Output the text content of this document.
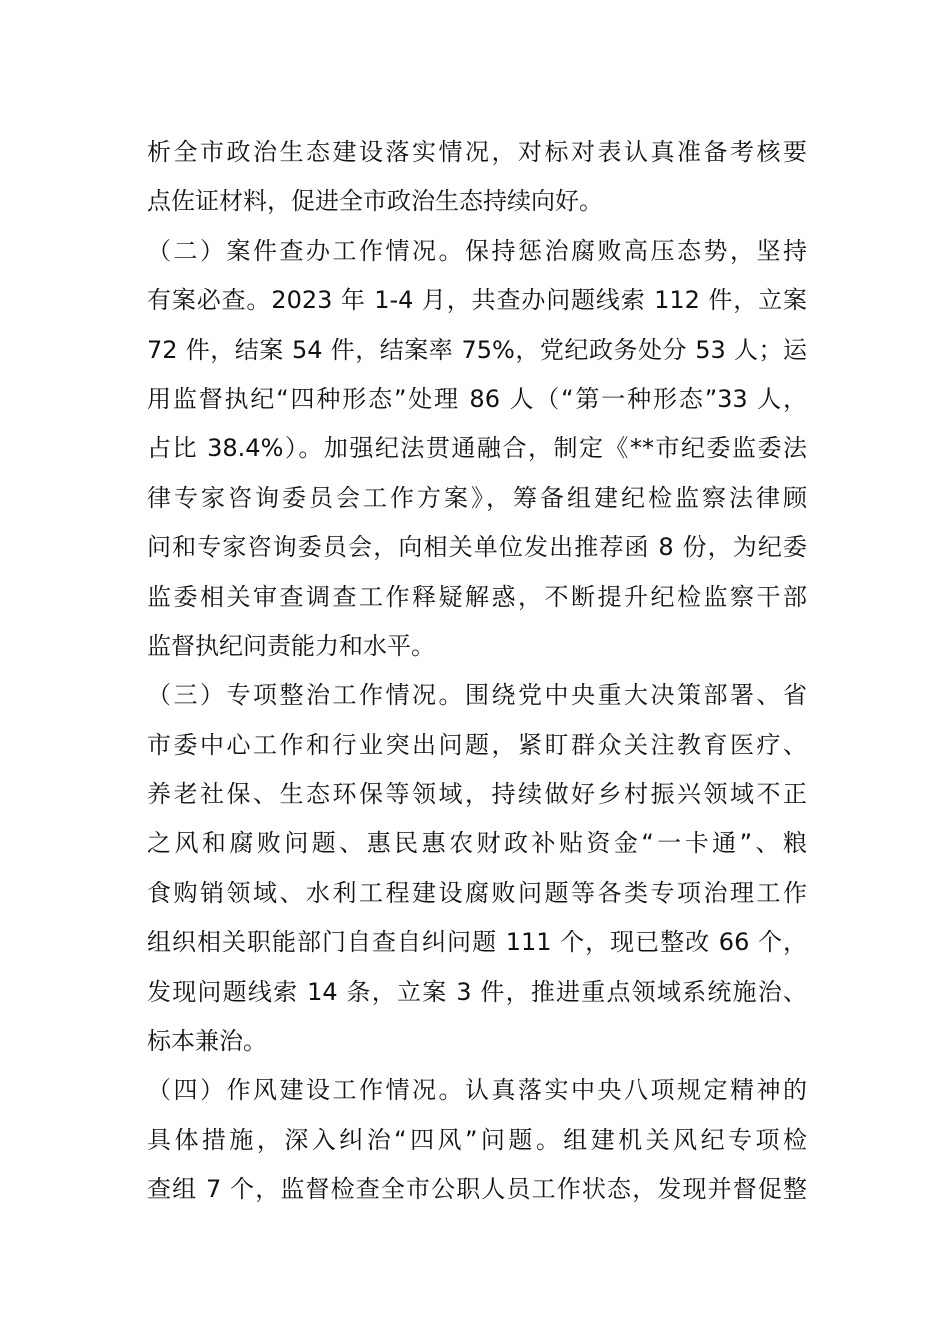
析全市政治生态建设落实情况，对标对表认真准备考核要
点佐证材料，促进全市政治生态持续向好。
（二）案件查办工作情况。保持惩治腐败高压态势，坚持
有案必查。2023 年 1-4 月，共查办问题线索 112 件，立案
72 件，结案 54 件，结案率 75%，党纪政务处分 53 人；运
用监督执纪“四种形态”处理 86 人（“第一种形态”33 人，
占比 38.4%）。加强纪法贯通融合，制定《**市纪委监委法
律专家咨询委员会工作方案》，筹备组建纪检监察法律顾
问和专家咨询委员会，向相关单位发出推荐函 8 份，为纪委
监委相关审查调查工作释疑解惑，不断提升纪检监察干部
监督执纪问责能力和水平。
（三）专项整治工作情况。围绕党中央重大决策部署、省
市委中心工作和行业突出问题，紧盯群众关注教育医疗、
养老社保、生态环保等领域，持续做好乡村振兴领域不正
之风和腐败问题、惠民惠农财政补贴资金“一卡通”、粮
食购销领域、水利工程建设腐败问题等各类专项治理工作
组织相关职能部门自查自纠问题 111 个，现已整改 66 个，
发现问题线索 14 条，立案 3 件，推进重点领域系统施治、
标本兼治。
（四）作风建设工作情况。认真落实中央八项规定精神的
具体措施，深入纠治“四风”问题。组建机关风纪专项检
查组 7 个，监督检查全市公职人员工作状态，发现并督促整
